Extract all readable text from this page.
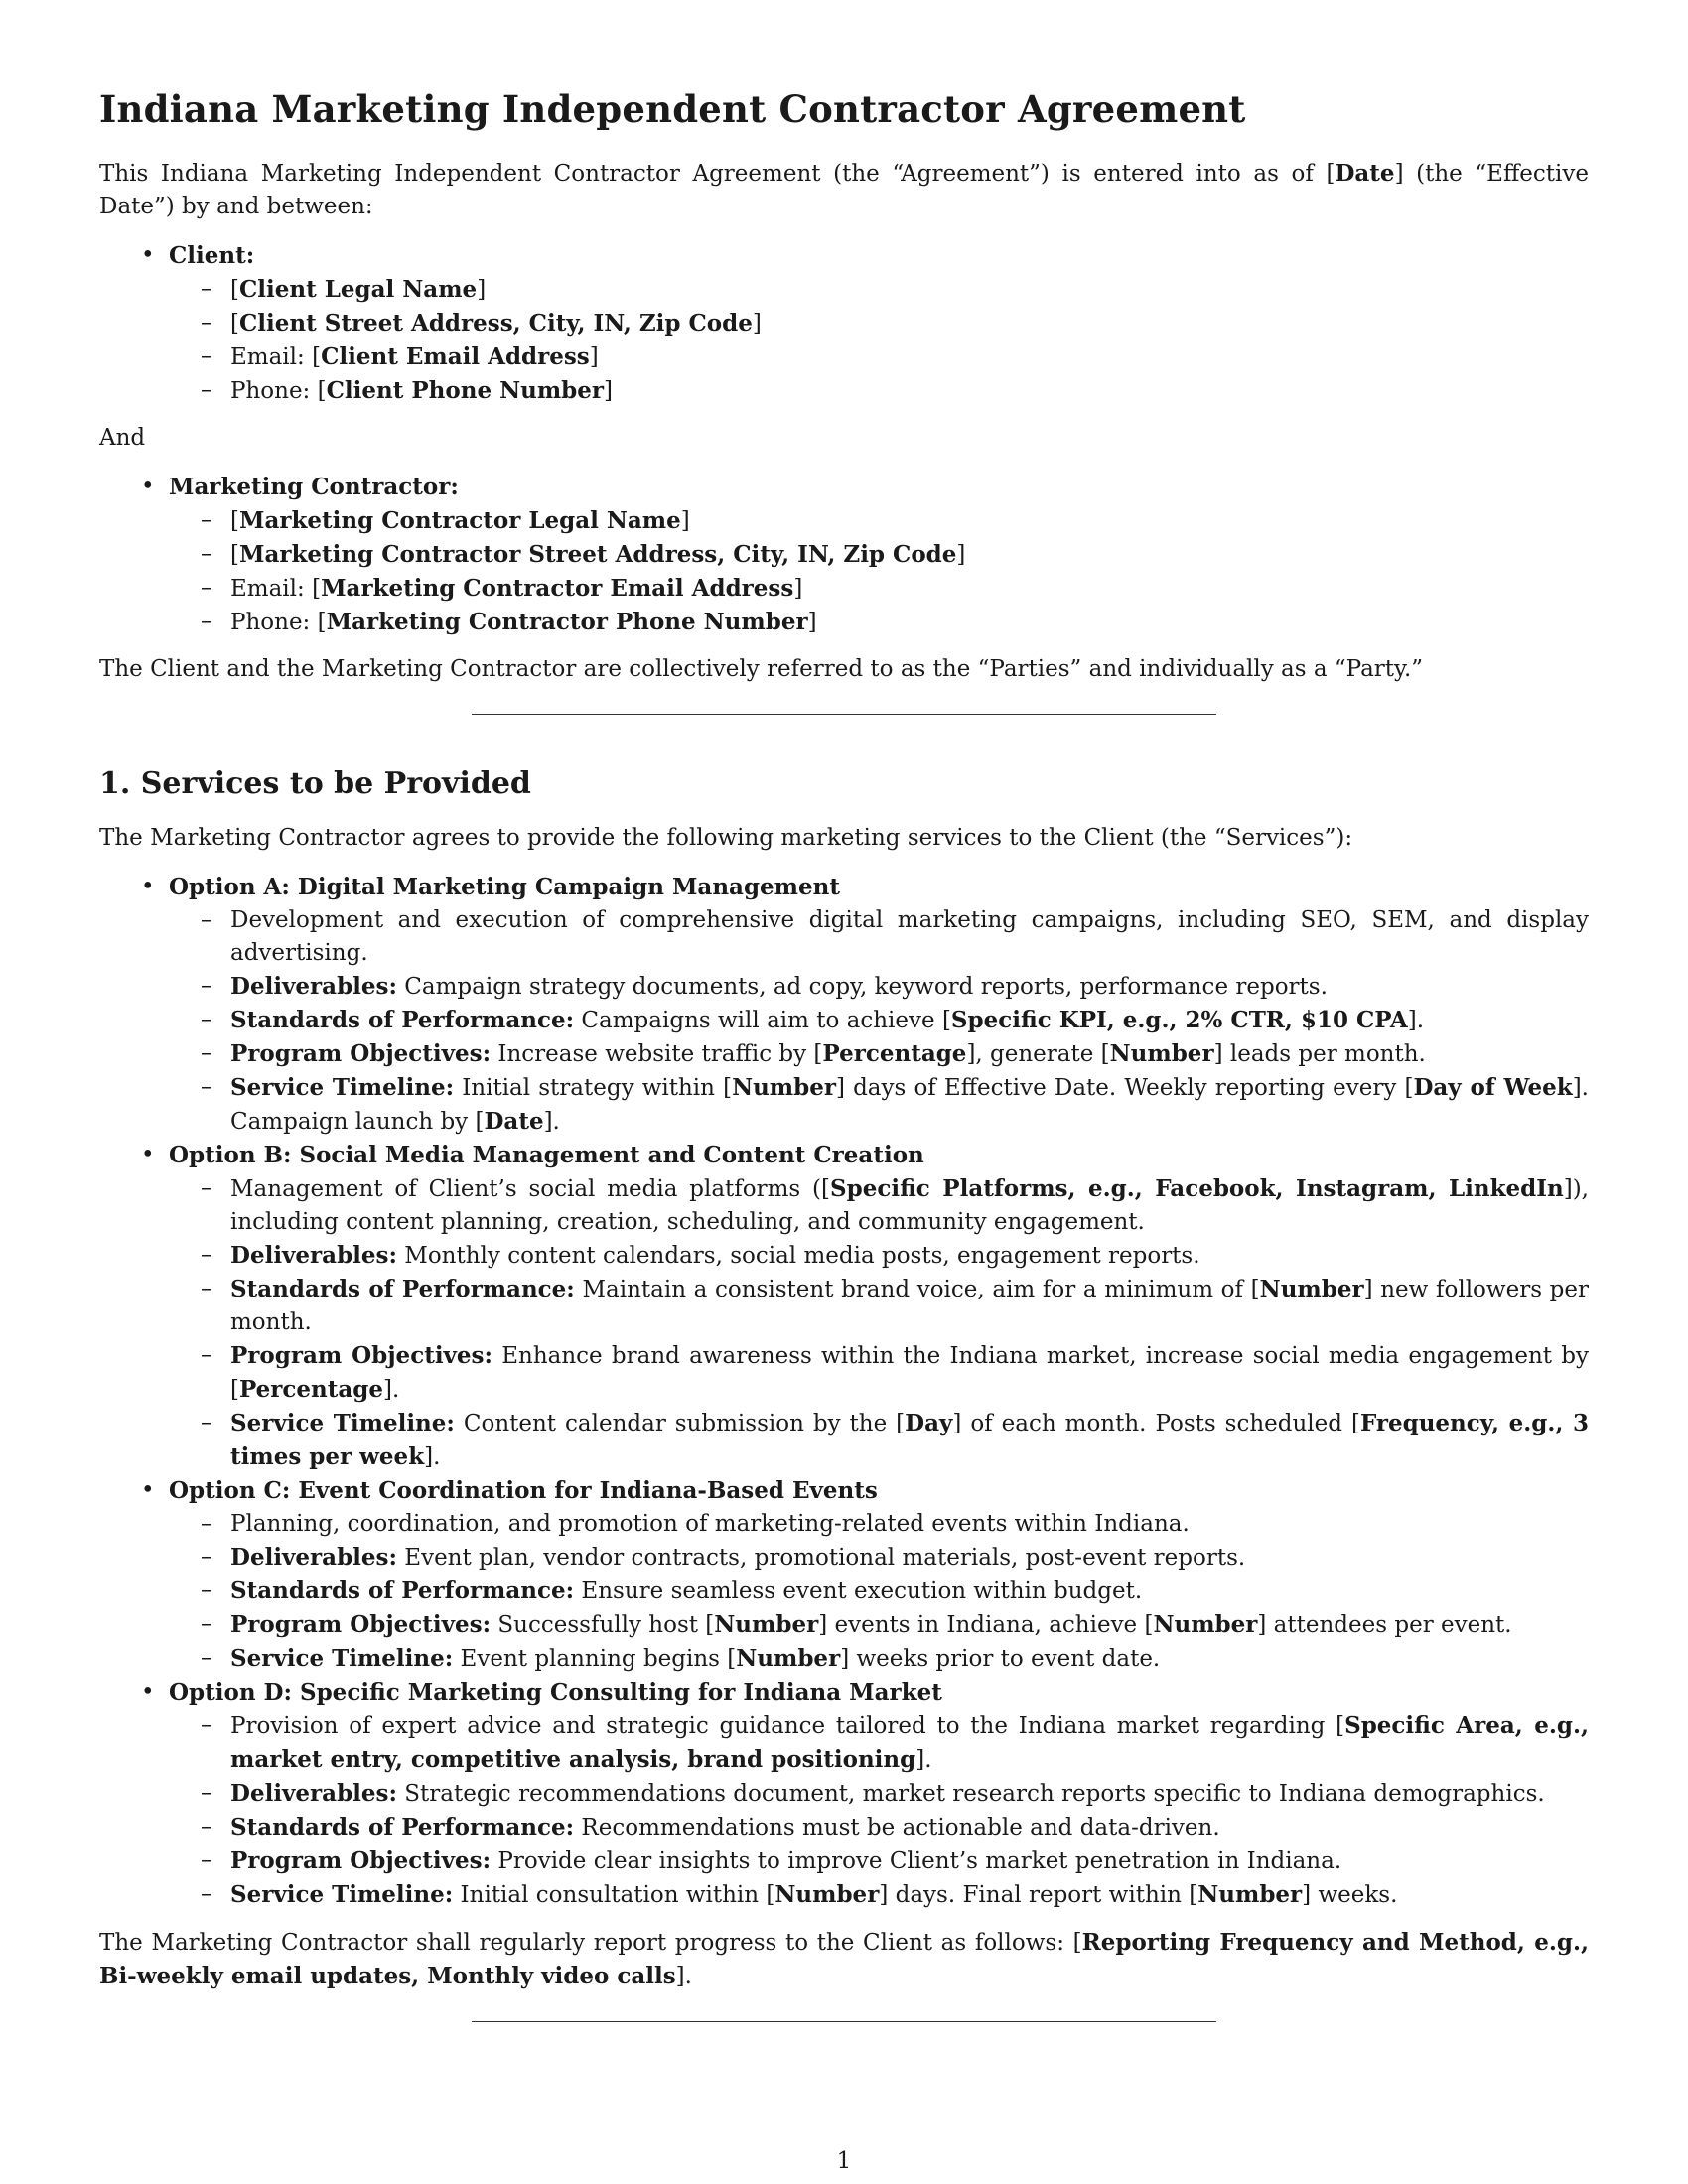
Indiana Marketing Independent Contractor Agreement

This Indiana Marketing Independent Contractor Agreement (the “Agreement”) is entered into as of [Date] (the “Effective Date”) by and between:

• Client:
– [Client Legal Name]
– [Client Street Address, City, IN, Zip Code]
– Email: [Client Email Address]
– Phone: [Client Phone Number]

And

• Marketing Contractor:
– [Marketing Contractor Legal Name]
– [Marketing Contractor Street Address, City, IN, Zip Code]
– Email: [Marketing Contractor Email Address]
– Phone: [Marketing Contractor Phone Number]

The Client and the Marketing Contractor are collectively referred to as the “Parties” and individually as a “Party.”

1. Services to be Provided

The Marketing Contractor agrees to provide the following marketing services to the Client (the “Services”):

• Option A: Digital Marketing Campaign Management
– Development and execution of comprehensive digital marketing campaigns, including SEO, SEM, and display advertising.
– Deliverables: Campaign strategy documents, ad copy, keyword reports, performance reports.
– Standards of Performance: Campaigns will aim to achieve [Specific KPI, e.g., 2% CTR, $10 CPA].
– Program Objectives: Increase website traffic by [Percentage], generate [Number] leads per month.
– Service Timeline: Initial strategy within [Number] days of Effective Date. Weekly reporting every [Day of Week]. Campaign launch by [Date].
• Option B: Social Media Management and Content Creation
– Management of Client’s social media platforms ([Specific Platforms, e.g., Facebook, Instagram, LinkedIn]), including content planning, creation, scheduling, and community engagement.
– Deliverables: Monthly content calendars, social media posts, engagement reports.
– Standards of Performance: Maintain a consistent brand voice, aim for a minimum of [Number] new followers per month.
– Program Objectives: Enhance brand awareness within the Indiana market, increase social media engagement by [Percentage].
– Service Timeline: Content calendar submission by the [Day] of each month. Posts scheduled [Frequency, e.g., 3 times per week].
• Option C: Event Coordination for Indiana-Based Events
– Planning, coordination, and promotion of marketing-related events within Indiana.
– Deliverables: Event plan, vendor contracts, promotional materials, post-event reports.
– Standards of Performance: Ensure seamless event execution within budget.
– Program Objectives: Successfully host [Number] events in Indiana, achieve [Number] attendees per event.
– Service Timeline: Event planning begins [Number] weeks prior to event date.
• Option D: Specific Marketing Consulting for Indiana Market
– Provision of expert advice and strategic guidance tailored to the Indiana market regarding [Specific Area, e.g., market entry, competitive analysis, brand positioning].
– Deliverables: Strategic recommendations document, market research reports specific to Indiana demographics.
– Standards of Performance: Recommendations must be actionable and data-driven.
– Program Objectives: Provide clear insights to improve Client’s market penetration in Indiana.
– Service Timeline: Initial consultation within [Number] days. Final report within [Number] weeks.

The Marketing Contractor shall regularly report progress to the Client as follows: [Reporting Frequency and Method, e.g., Bi-weekly email updates, Monthly video calls].

1
